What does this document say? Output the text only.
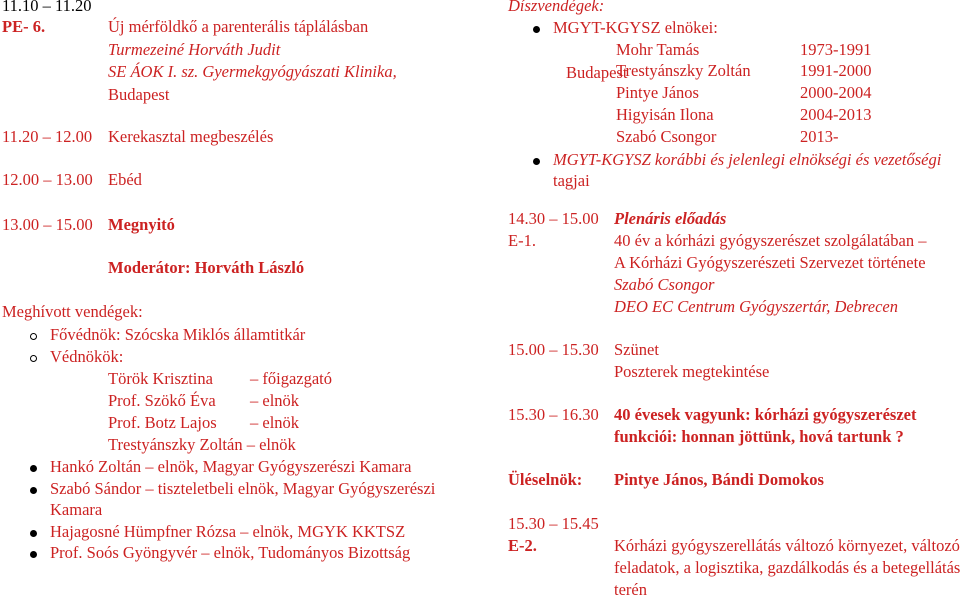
11.10 – 11.20
PE- 6.	Új mérföldkő a parenterális táplálásban
Turmezeiné Horváth Judit
SE ÁOK I. sz. Gyermekgyógyászati Klinika,
Budapest
11.20 – 12.00 Kerekasztal megbeszélés
12.00 – 13.00 Ebéd
13.00 – 15.00 Megnyitó
Moderátor: Horváth László
Meghívott vendégek:
Fővédnök: Szócska Miklós államtitkár
Védnökök:
Török Krisztina – főigazgató
Prof. Szökő Éva – elnök
Prof. Botz Lajos – elnök
Trestyánszky Zoltán – elnök
Hankó Zoltán – elnök, Magyar Gyógyszerészi Kamara
Szabó Sándor – tiszteletbeli elnök, Magyar Gyógyszerészi
Kamara
Hajagosné Hümpfner Rózsa – elnök, MGYK KKTSZ
Prof. Soós Gyöngyvér – elnök, Tudományos Bizottság
Díszvendégek:
MGYT-KGYSZ elnökei:
Mohr Tamás	1973-1991
Budapest
Trestyánszky Zoltán	1991-2000
Pintye János	2000-2004
Higyisán Ilona	2004-2013
Szabó Csongor	2013-
MGYT-KGYSZ korábbi és jelenlegi elnökségi és vezetőségi
tagjai
14.30 – 15.00 Plenáris előadás
E-1.	40 év a kórházi gyógyszerészet szolgálatában –
A Kórházi Gyógyszerészeti Szervezet története
Szabó Csongor
DEO EC Centrum Gyógyszertár, Debrecen
15.00 – 15.30 Szünet
Poszterek megtekintése
15.30 – 16.30 40 évesek vagyunk: kórházi gyógyszerészet
funkciói: honnan jöttünk, hová tartunk ?
Üléselnök: Pintye János, Bándi Domokos
15.30 – 15.45
E-2.	Kórházi gyógyszerellátás változó környezet, változó
feladatok, a logisztika, gazdálkodás és a betegellátás
terén
